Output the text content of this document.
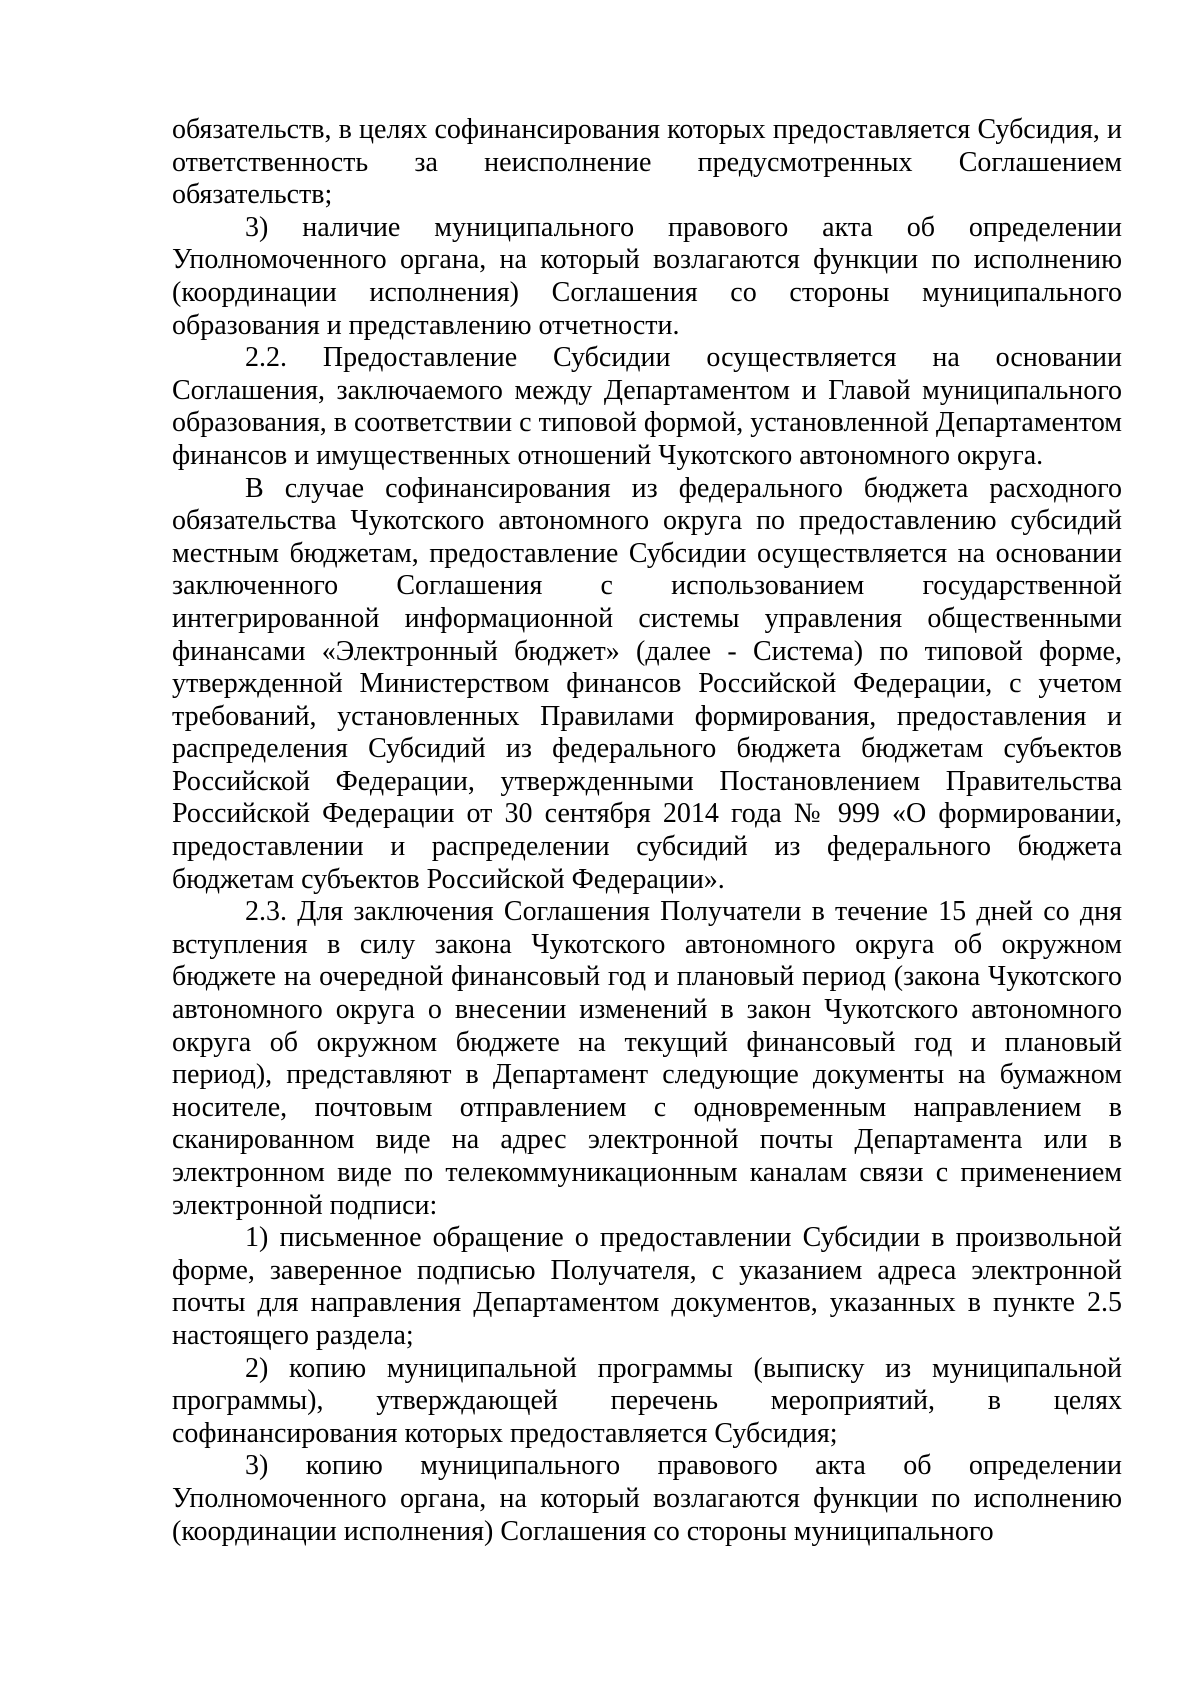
обязательств, в целях софинансирования которых предоставляется Субсидия, и ответственность за неисполнение предусмотренных Соглашением обязательств;

3) наличие муниципального правового акта об определении Уполномоченного органа, на который возлагаются функции по исполнению (координации исполнения) Соглашения со стороны муниципального образования и представлению отчетности.

2.2. Предоставление Субсидии осуществляется на основании Соглашения, заключаемого между Департаментом и Главой муниципального образования, в соответствии с типовой формой, установленной Департаментом финансов и имущественных отношений Чукотского автономного округа.

В случае софинансирования из федерального бюджета расходного обязательства Чукотского автономного округа по предоставлению субсидий местным бюджетам, предоставление Субсидии осуществляется на основании заключенного Соглашения с использованием государственной интегрированной информационной системы управления общественными финансами «Электронный бюджет» (далее - Система) по типовой форме, утвержденной Министерством финансов Российской Федерации, с учетом требований, установленных Правилами формирования, предоставления и распределения Субсидий из федерального бюджета бюджетам субъектов Российской Федерации, утвержденными Постановлением Правительства Российской Федерации от 30 сентября 2014 года № 999 «О формировании, предоставлении и распределении субсидий из федерального бюджета бюджетам субъектов Российской Федерации».

2.3. Для заключения Соглашения Получатели в течение 15 дней со дня вступления в силу закона Чукотского автономного округа об окружном бюджете на очередной финансовый год и плановый период (закона Чукотского автономного округа о внесении изменений в закон Чукотского автономного округа об окружном бюджете на текущий финансовый год и плановый период), представляют в Департамент следующие документы на бумажном носителе, почтовым отправлением с одновременным направлением в сканированном виде на адрес электронной почты Департамента или в электронном виде по телекоммуникационным каналам связи с применением электронной подписи:

1) письменное обращение о предоставлении Субсидии в произвольной форме, заверенное подписью Получателя, с указанием адреса электронной почты для направления Департаментом документов, указанных в пункте 2.5 настоящего раздела;

2) копию муниципальной программы (выписку из муниципальной программы), утверждающей перечень мероприятий, в целях софинансирования которых предоставляется Субсидия;

3) копию муниципального правового акта об определении Уполномоченного органа, на который возлагаются функции по исполнению (координации исполнения) Соглашения со стороны муниципального
